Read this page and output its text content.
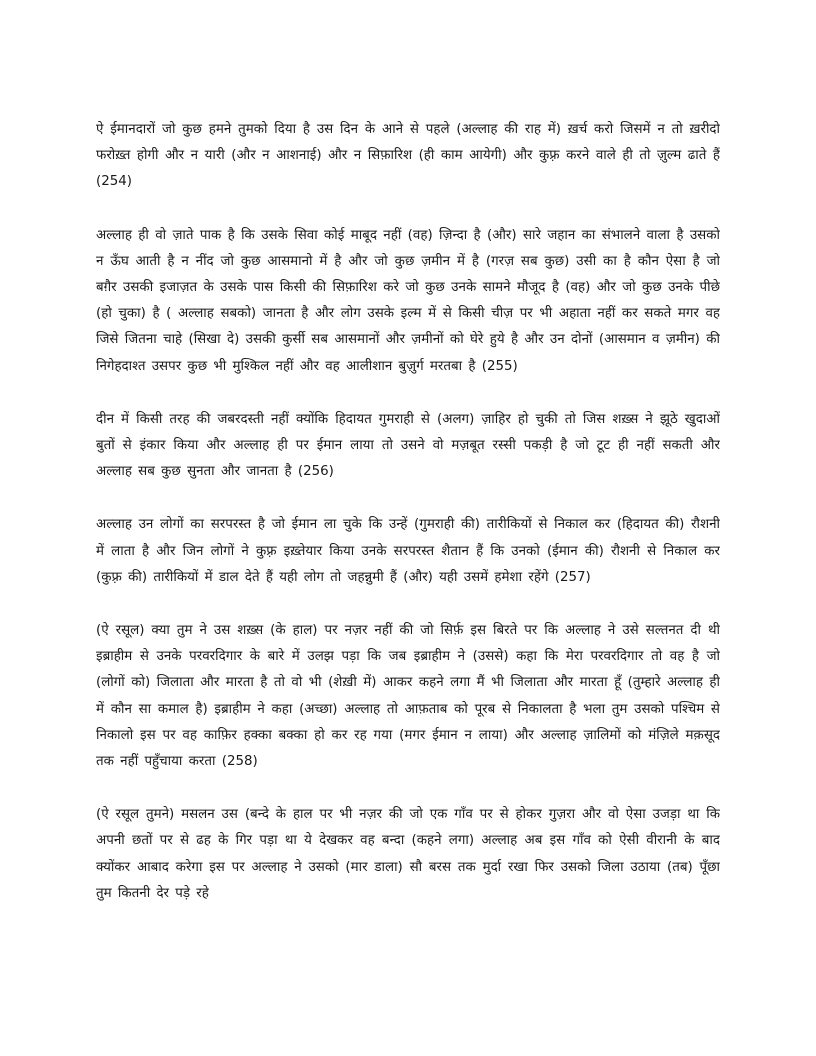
ऐ ईमानदारों जो कुछ हमने तुमको दिया है उस दिन के आने से पहले (अल्लाह की राह में) ख़र्च करो जिसमें न तो ख़रीदो फरोख़्त होगी और न यारी (और न आशनाई) और न सिफ़ारिश (ही काम आयेगी) और कुफ़्र करने वाले ही तो ज़ुल्म ढाते हैं (254)

अल्लाह ही वो ज़ाते पाक है कि उसके सिवा कोई माबूद नहीं (वह) ज़िन्दा है (और) सारे जहान का संभालने वाला है उसको न ऊँघ आती है न नींद जो कुछ आसमानो में है और जो कुछ ज़मीन में है (गरज़ सब कुछ) उसी का है कौन ऐसा है जो बग़ैर उसकी इजाज़त के उसके पास किसी की सिफ़ारिश करे जो कुछ उनके सामने मौजूद है (वह) और जो कुछ उनके पीछे (हो चुका) है ( अल्लाह सबको) जानता है और लोग उसके इल्म में से किसी चीज़ पर भी अहाता नहीं कर सकते मगर वह जिसे जितना चाहे (सिखा दे) उसकी कुर्सी सब आसमानों और ज़मीनों को घेरे हुये है और उन दोनों (आसमान व ज़मीन) की निगेहदाश्त उसपर कुछ भी मुश्किल नहीं और वह आलीशान बुज़ुर्ग मरतबा है (255)

दीन में किसी तरह की जबरदस्ती नहीं क्योंकि हिदायत गुमराही से (अलग) ज़ाहिर हो चुकी तो जिस शख़्स ने झूठे खुदाओं बुतों से इंकार किया और अल्लाह ही पर ईमान लाया तो उसने वो मज़बूत रस्सी पकड़ी है जो टूट ही नहीं सकती और अल्लाह सब कुछ सुनता और जानता है (256)

अल्लाह उन लोगों का सरपरस्त है जो ईमान ला चुके कि उन्हें (गुमराही की) तारीकियों से निकाल कर (हिदायत की) रौशनी में लाता है और जिन लोगों ने कुफ़्र इख़्तेयार किया उनके सरपरस्त शैतान हैं कि उनको (ईमान की) रौशनी से निकाल कर (कुफ़्र की) तारीकियों में डाल देते हैं यही लोग तो जहन्नुमी हैं (और) यही उसमें हमेशा रहेंगे (257)

(ऐ रसूल) क्या तुम ने उस शख़्स (के हाल) पर नज़र नहीं की जो सिर्फ़ इस बिरते पर कि अल्लाह ने उसे सल्तनत दी थी इब्राहीम से उनके परवरदिगार के बारे में उलझ पड़ा कि जब इब्राहीम ने (उससे) कहा कि मेरा परवरदिगार तो वह है जो (लोगों को) जिलाता और मारता है तो वो भी (शेख़ी में) आकर कहने लगा मैं भी जिलाता और मारता हूँ (तुम्हारे अल्लाह ही में कौन सा कमाल है) इब्राहीम ने कहा (अच्छा) अल्लाह तो आफ़ताब को पूरब से निकालता है भला तुम उसको पश्चिम से निकालो इस पर वह काफ़िर हक्का बक्का हो कर रह गया (मगर ईमान न लाया) और अल्लाह ज़ालिमों को मंज़िले मक़सूद तक नहीं पहुँचाया करता (258)

(ऐ रसूल तुमने) मसलन उस (बन्दे के हाल पर भी नज़र की जो एक गाँव पर से होकर गुज़रा और वो ऐसा उजड़ा था कि अपनी छतों पर से ढह के गिर पड़ा था ये देखकर वह बन्दा (कहने लगा) अल्लाह अब इस गाँव को ऐसी वीरानी के बाद क्योंकर आबाद करेगा इस पर अल्लाह ने उसको (मार डाला) सौ बरस तक मुर्दा रखा फिर उसको जिला उठाया (तब) पूँछा तुम कितनी देर पड़े रहे
